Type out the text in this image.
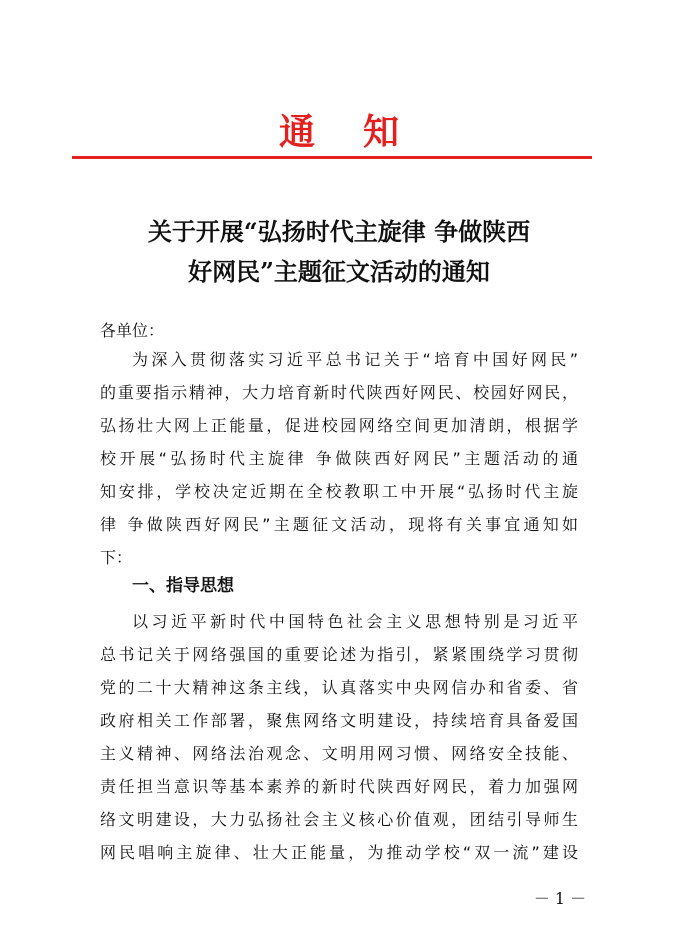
通 知
关于开展“弘扬时代主旋律 争做陕西
好网民”主题征文活动的通知
各单位：
为深入贯彻落实习近平总书记关于“培育中国好网民”
的重要指示精神，大力培育新时代陕西好网民、校园好网民，
弘扬壮大网上正能量，促进校园网络空间更加清朗，根据学
校开展“弘扬时代主旋律 争做陕西好网民”主题活动的通
知安排，学校决定近期在全校教职工中开展“弘扬时代主旋
律 争做陕西好网民”主题征文活动，现将有关事宜通知如
下：
一、指导思想
以习近平新时代中国特色社会主义思想特别是习近平
总书记关于网络强国的重要论述为指引，紧紧围绕学习贯彻
党的二十大精神这条主线，认真落实中央网信办和省委、省
政府相关工作部署，聚焦网络文明建设，持续培育具备爱国
主义精神、网络法治观念、文明用网习惯、网络安全技能、
责任担当意识等基本素养的新时代陕西好网民，着力加强网
络文明建设，大力弘扬社会主义核心价值观，团结引导师生
网民唱响主旋律、壮大正能量，为推动学校“双一流”建设
－ 1 －
